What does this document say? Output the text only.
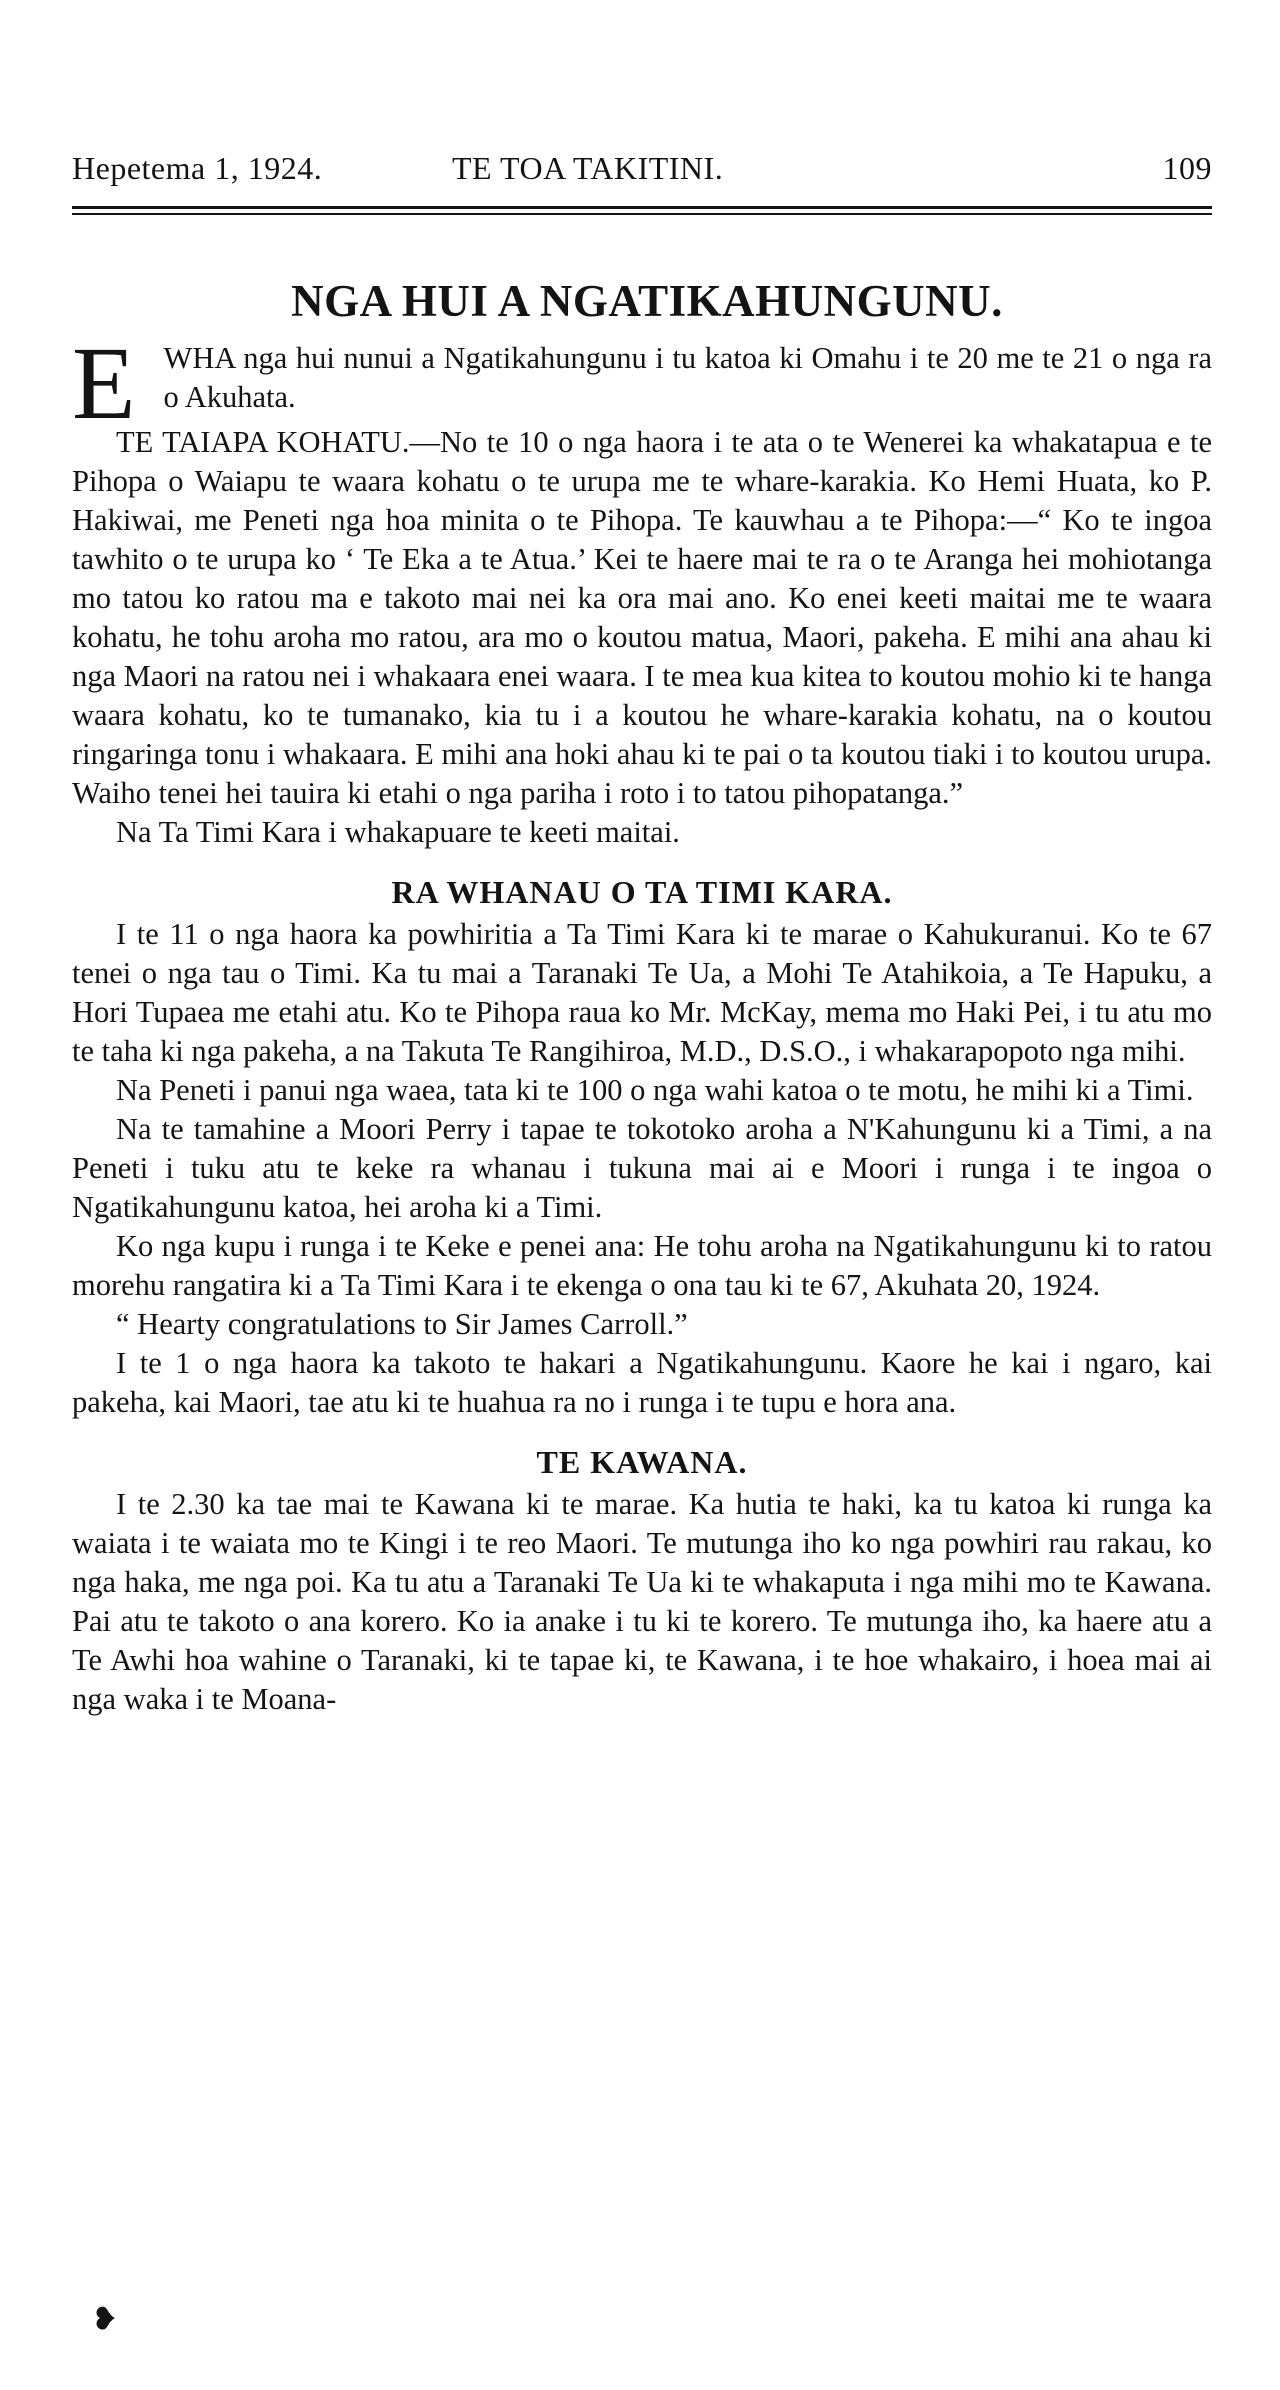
Hepetema 1, 1924.	TE TOA TAKITINI.	109
NGA HUI A NGATIKAHUNGUNU.
E WHA nga hui nunui a Ngatikahungunu i tu katoa ki Omahu i te 20 me te 21 o nga ra o Akuhata.

TE TAIAPA KOHATU.—No te 10 o nga haora i te ata o te Wenerei ka whakatapua e te Pihopa o Waiapu te waara kohatu o te urupa me te whare-karakia. Ko Hemi Huata, ko P. Hakiwai, me Peneti nga hoa minita o te Pihopa. Te kauwhau a te Pihopa:—“ Ko te ingoa tawhito o te urupa ko ‘ Te Eka a te Atua.’ Kei te haere mai te ra o te Aranga hei mohiotanga mo tatou ko ratou ma e takoto mai nei ka ora mai ano. Ko enei keeti maitai me te waara kohatu, he tohu aroha mo ratou, ara mo o koutou matua, Maori, pakeha. E mihi ana ahau ki nga Maori na ratou nei i whakaara enei waara. I te mea kua kitea to koutou mohio ki te hanga waara kohatu, ko te tumanako, kia tu i a koutou he whare-karakia kohatu, na o koutou ringaringa tonu i whakaara. E mihi ana hoki ahau ki te pai o ta koutou tiaki i to koutou urupa. Waiho tenei hei tauira ki etahi o nga pariha i roto i to tatou pihopatanga.”

Na Ta Timi Kara i whakapuare te keeti maitai.

RA WHANAU O TA TIMI KARA.

I te 11 o nga haora ka powhiritia a Ta Timi Kara ki te marae o Kahukuranui. Ko te 67 tenei o nga tau o Timi. Ka tu mai a Taranaki Te Ua, a Mohi Te Atahikoia, a Te Hapuku, a Hori Tupaea me etahi atu. Ko te Pihopa raua ko Mr. McKay, mema mo Haki Pei, i tu atu mo te taha ki nga pakeha, a na Takuta Te Rangihiroa, M.D., D.S.O., i whakarapopoto nga mihi.

Na Peneti i panui nga waea, tata ki te 100 o nga wahi katoa o te motu, he mihi ki a Timi.

Na te tamahine a Moori Perry i tapae te tokotoko aroha a N'Kahungunu ki a Timi, a na Peneti i tuku atu te keke ra whanau i tukuna mai ai e Moori i runga i te ingoa o Ngatikahungunu katoa, hei aroha ki a Timi.

Ko nga kupu i runga i te Keke e penei ana: He tohu aroha na Ngatikahungunu ki to ratou morehu rangatira ki a Ta Timi Kara i te ekenga o ona tau ki te 67, Akuhata 20, 1924.

“ Hearty congratulations to Sir James Carroll.”

I te 1 o nga haora ka takoto te hakari a Ngatikahungunu. Kaore he kai i ngaro, kai pakeha, kai Maori, tae atu ki te huahua ra no i runga i te tupu e hora ana.

TE KAWANA.

I te 2.30 ka tae mai te Kawana ki te marae. Ka hutia te haki, ka tu katoa ki runga ka waiata i te waiata mo te Kingi i te reo Maori. Te mutunga iho ko nga powhiri rau rakau, ko nga haka, me nga poi. Ka tu atu a Taranaki Te Ua ki te whakaputa i nga mihi mo te Kawana. Pai atu te takoto o ana korero. Ko ia anake i tu ki te korero. Te mutunga iho, ka haere atu a Te Awhi hoa wahine o Taranaki, ki te tapae ki, te Kawana, i te hoe whakairo, i hoea mai ai nga waka i te Moana-

❥
